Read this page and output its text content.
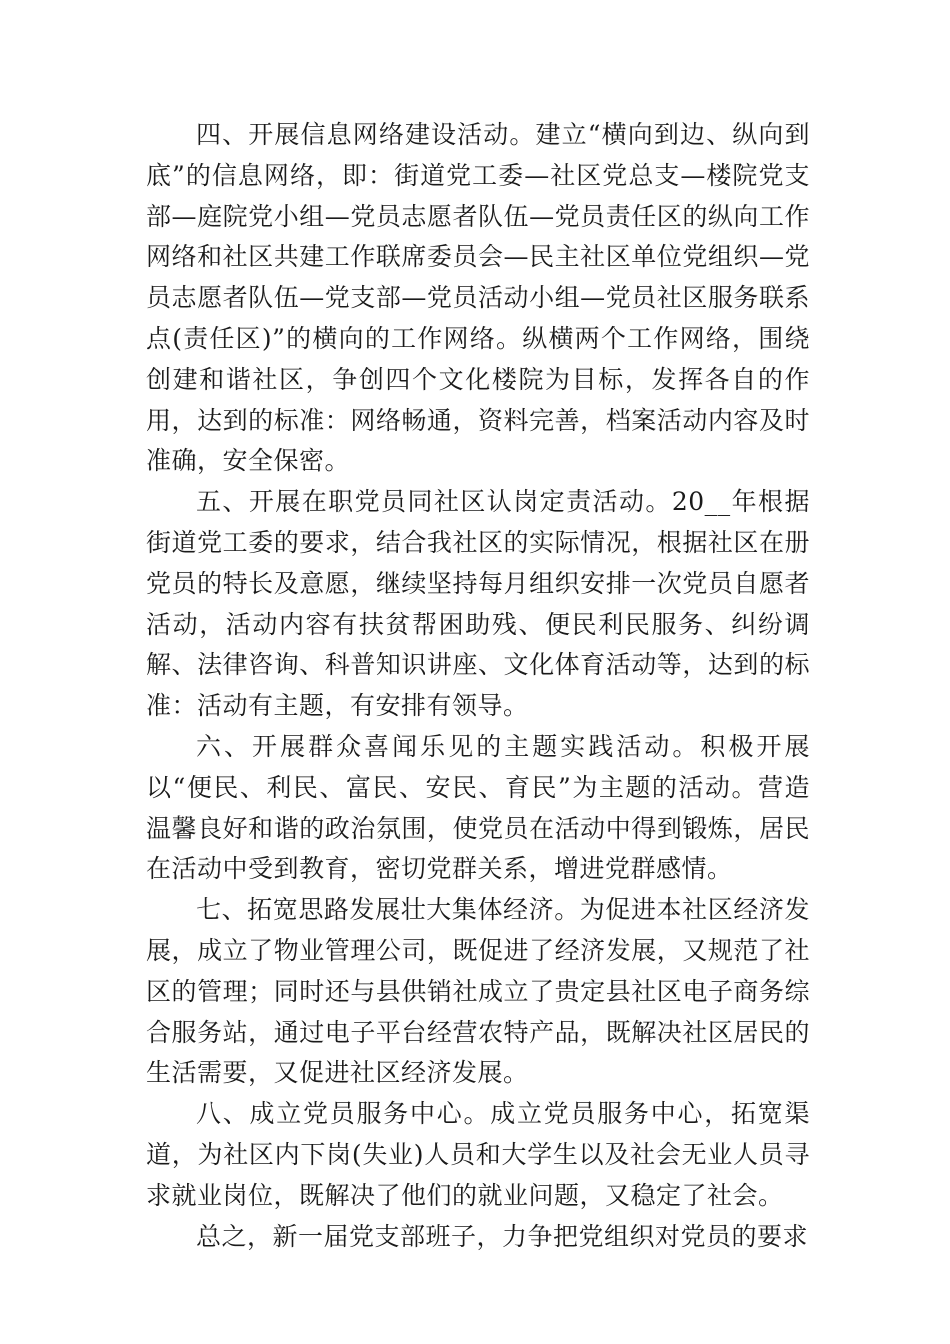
四、开展信息网络建设活动。建立“横向到边、纵向到底”的信息网络，即：街道党工委—社区党总支—楼院党支部—庭院党小组—党员志愿者队伍—党员责任区的纵向工作网络和社区共建工作联席委员会—民主社区单位党组织—党员志愿者队伍—党支部—党员活动小组—党员社区服务联系点(责任区)”的横向的工作网络。纵横两个工作网络，围绕创建和谐社区，争创四个文化楼院为目标，发挥各自的作用，达到的标准：网络畅通，资料完善，档案活动内容及时准确，安全保密。

五、开展在职党员同社区认岗定责活动。20__年根据街道党工委的要求，结合我社区的实际情况，根据社区在册党员的特长及意愿，继续坚持每月组织安排一次党员自愿者活动，活动内容有扶贫帮困助残、便民利民服务、纠纷调解、法律咨询、科普知识讲座、文化体育活动等，达到的标准：活动有主题，有安排有领导。

六、开展群众喜闻乐见的主题实践活动。积极开展以“便民、利民、富民、安民、育民”为主题的活动。营造温馨良好和谐的政治氛围，使党员在活动中得到锻炼，居民在活动中受到教育，密切党群关系，增进党群感情。

七、拓宽思路发展壮大集体经济。为促进本社区经济发展，成立了物业管理公司，既促进了经济发展，又规范了社区的管理；同时还与县供销社成立了贵定县社区电子商务综合服务站，通过电子平台经营农特产品，既解决社区居民的生活需要，又促进社区经济发展。

八、成立党员服务中心。成立党员服务中心，拓宽渠道，为社区内下岗(失业)人员和大学生以及社会无业人员寻求就业岗位，既解决了他们的就业问题，又稳定了社会。

总之，新一届党支部班子，力争把党组织对党员的要求
